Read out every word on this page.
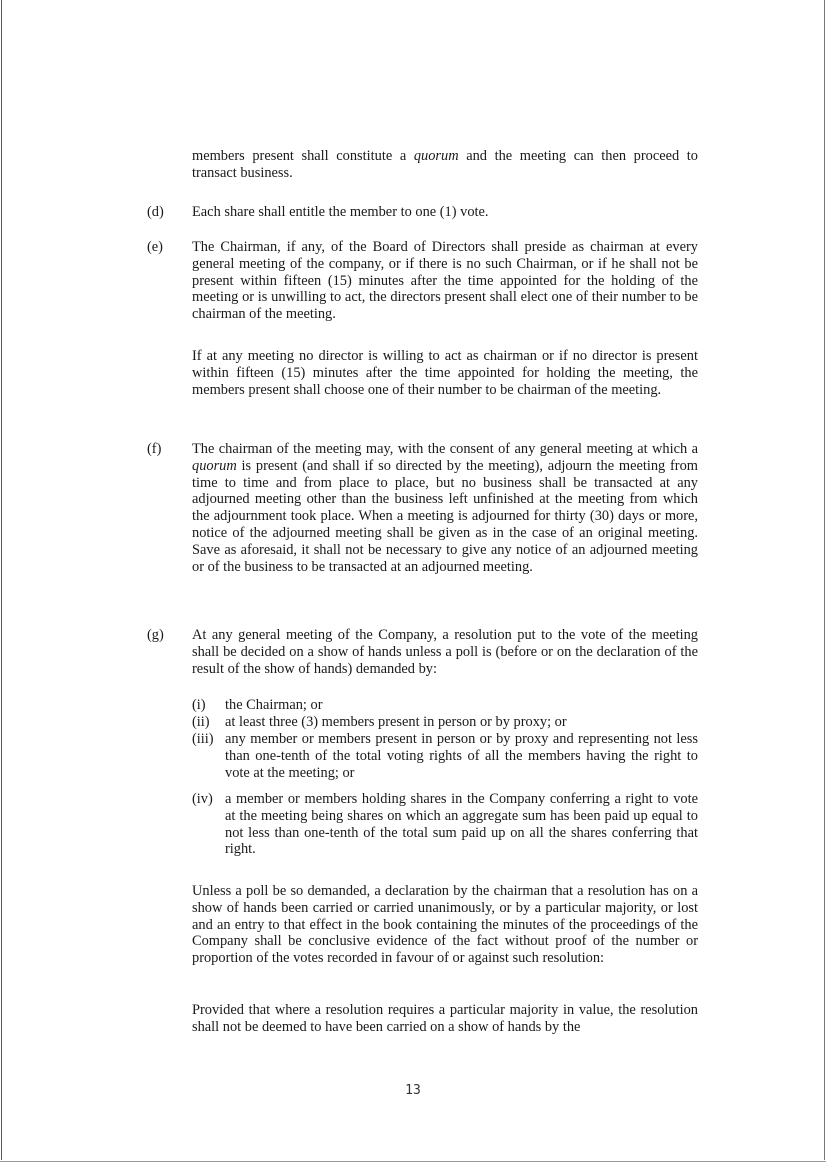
members present shall constitute a quorum and the meeting can then proceed to transact business.

(d) Each share shall entitle the member to one (1) vote.

(e) The Chairman, if any, of the Board of Directors shall preside as chairman at every general meeting of the company, or if there is no such Chairman, or if he shall not be present within fifteen (15) minutes after the time appointed for the holding of the meeting or is unwilling to act, the directors present shall elect one of their number to be chairman of the meeting.

If at any meeting no director is willing to act as chairman or if no director is present within fifteen (15) minutes after the time appointed for holding the meeting, the members present shall choose one of their number to be chairman of the meeting.

(f) The chairman of the meeting may, with the consent of any general meeting at which a quorum is present (and shall if so directed by the meeting), adjourn the meeting from time to time and from place to place, but no business shall be transacted at any adjourned meeting other than the business left unfinished at the meeting from which the adjournment took place. When a meeting is adjourned for thirty (30) days or more, notice of the adjourned meeting shall be given as in the case of an original meeting. Save as aforesaid, it shall not be necessary to give any notice of an adjourned meeting or of the business to be transacted at an adjourned meeting.

(g) At any general meeting of the Company, a resolution put to the vote of the meeting shall be decided on a show of hands unless a poll is (before or on the declaration of the result of the show of hands) demanded by:

(i) the Chairman; or
(ii) at least three (3) members present in person or by proxy; or
(iii) any member or members present in person or by proxy and representing not less than one-tenth of the total voting rights of all the members having the right to vote at the meeting; or
(iv) a member or members holding shares in the Company conferring a right to vote at the meeting being shares on which an aggregate sum has been paid up equal to not less than one-tenth of the total sum paid up on all the shares conferring that right.

Unless a poll be so demanded, a declaration by the chairman that a resolution has on a show of hands been carried or carried unanimously, or by a particular majority, or lost and an entry to that effect in the book containing the minutes of the proceedings of the Company shall be conclusive evidence of the fact without proof of the number or proportion of the votes recorded in favour of or against such resolution:

Provided that where a resolution requires a particular majority in value, the resolution shall not be deemed to have been carried on a show of hands by the

13
